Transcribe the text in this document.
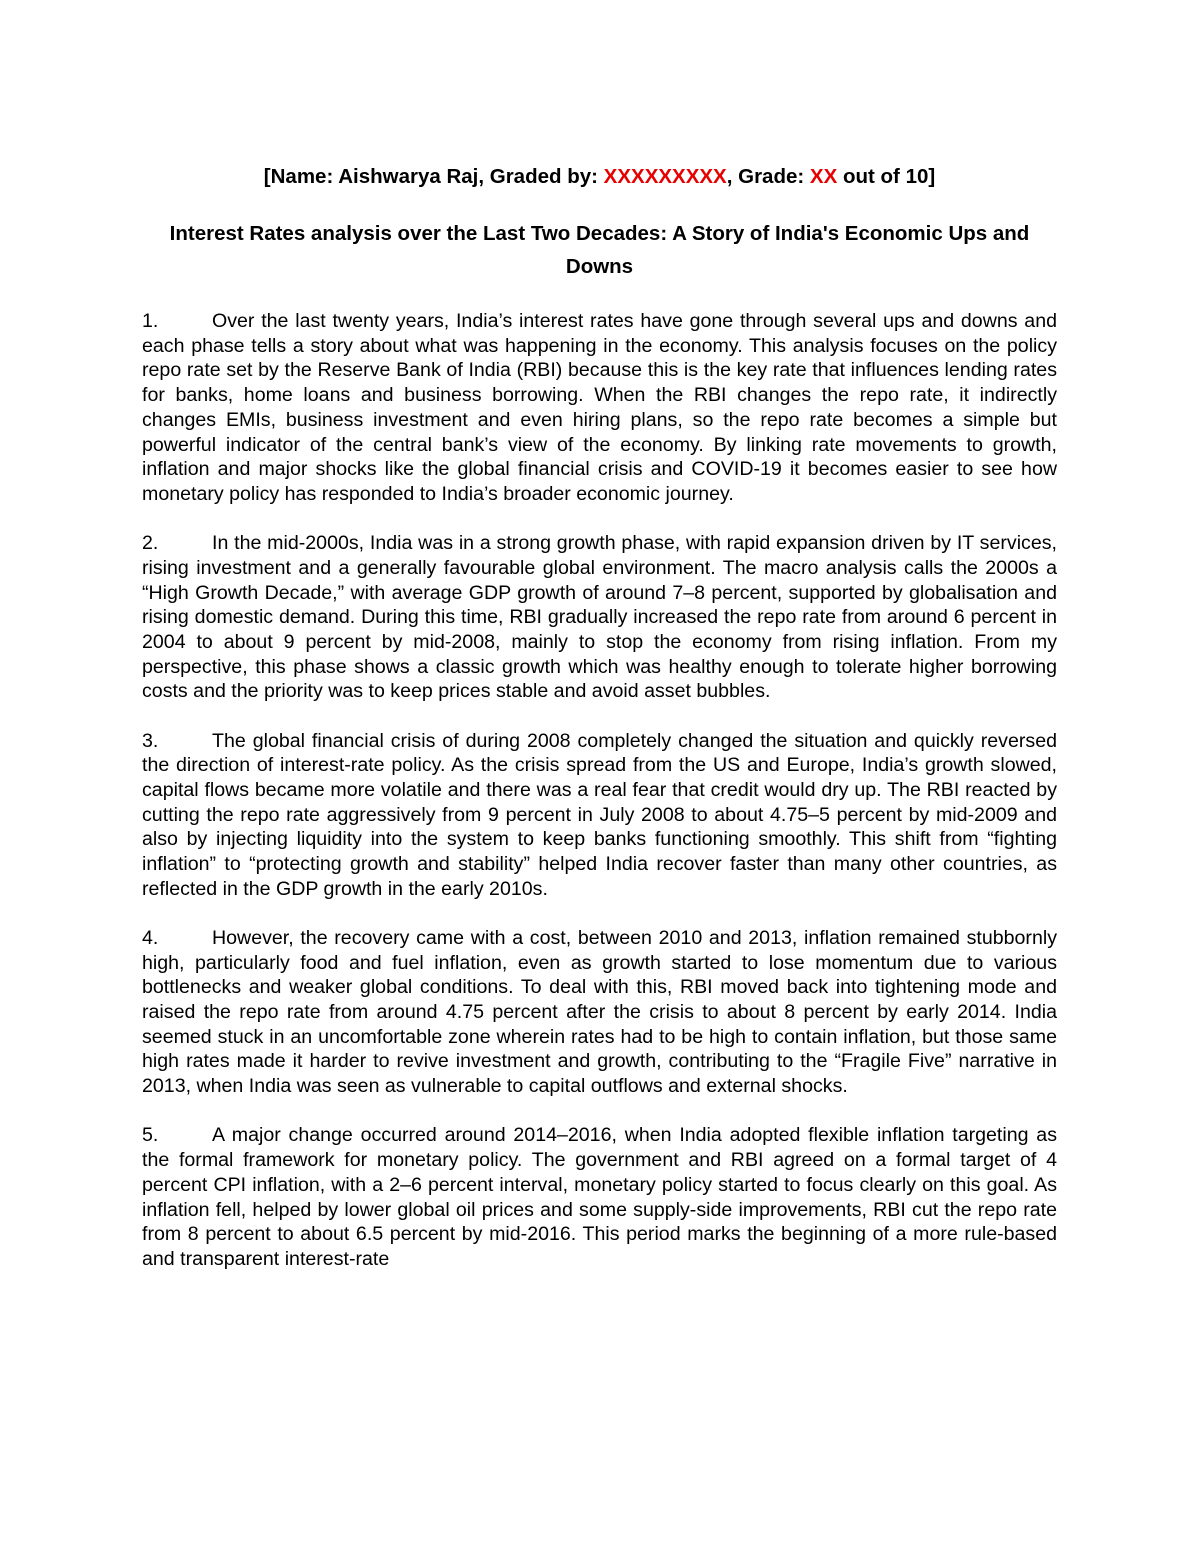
[Name: Aishwarya Raj, Graded by: XXXXXXXXX, Grade: XX out of 10]

Interest Rates analysis over the Last Two Decades: A Story of India's Economic Ups and Downs

1.	Over the last twenty years, India’s interest rates have gone through several ups and downs and each phase tells a story about what was happening in the economy. This analysis focuses on the policy repo rate set by the Reserve Bank of India (RBI) because this is the key rate that influences lending rates for banks, home loans and business borrowing. When the RBI changes the repo rate, it indirectly changes EMIs, business investment and even hiring plans, so the repo rate becomes a simple but powerful indicator of the central bank’s view of the economy. By linking rate movements to growth, inflation and major shocks like the global financial crisis and COVID-19 it becomes easier to see how monetary policy has responded to India’s broader economic journey.

2.	In the mid-2000s, India was in a strong growth phase, with rapid expansion driven by IT services, rising investment and a generally favourable global environment. The macro analysis calls the 2000s a “High Growth Decade,” with average GDP growth of around 7–8 percent, supported by globalisation and rising domestic demand. During this time, RBI gradually increased the repo rate from around 6 percent in 2004 to about 9 percent by mid-2008, mainly to stop the economy from rising inflation. From my perspective, this phase shows a classic growth which was healthy enough to tolerate higher borrowing costs and the priority was to keep prices stable and avoid asset bubbles.

3.	The global financial crisis of during 2008 completely changed the situation and quickly reversed the direction of interest-rate policy. As the crisis spread from the US and Europe, India’s growth slowed, capital flows became more volatile and there was a real fear that credit would dry up. The RBI reacted by cutting the repo rate aggressively from 9 percent in July 2008 to about 4.75–5 percent by mid-2009 and also by injecting liquidity into the system to keep banks functioning smoothly. This shift from “fighting inflation” to “protecting growth and stability” helped India recover faster than many other countries, as reflected in the GDP growth in the early 2010s.

4.	However, the recovery came with a cost, between 2010 and 2013, inflation remained stubbornly high, particularly food and fuel inflation, even as growth started to lose momentum due to various bottlenecks and weaker global conditions. To deal with this, RBI moved back into tightening mode and raised the repo rate from around 4.75 percent after the crisis to about 8 percent by early 2014. India seemed stuck in an uncomfortable zone wherein rates had to be high to contain inflation, but those same high rates made it harder to revive investment and growth, contributing to the “Fragile Five” narrative in 2013, when India was seen as vulnerable to capital outflows and external shocks.

5.	A major change occurred around 2014–2016, when India adopted flexible inflation targeting as the formal framework for monetary policy. The government and RBI agreed on a formal target of 4 percent CPI inflation, with a 2–6 percent interval, monetary policy started to focus clearly on this goal. As inflation fell, helped by lower global oil prices and some supply-side improvements, RBI cut the repo rate from 8 percent to about 6.5 percent by mid-2016. This period marks the beginning of a more rule-based and transparent interest-rate
